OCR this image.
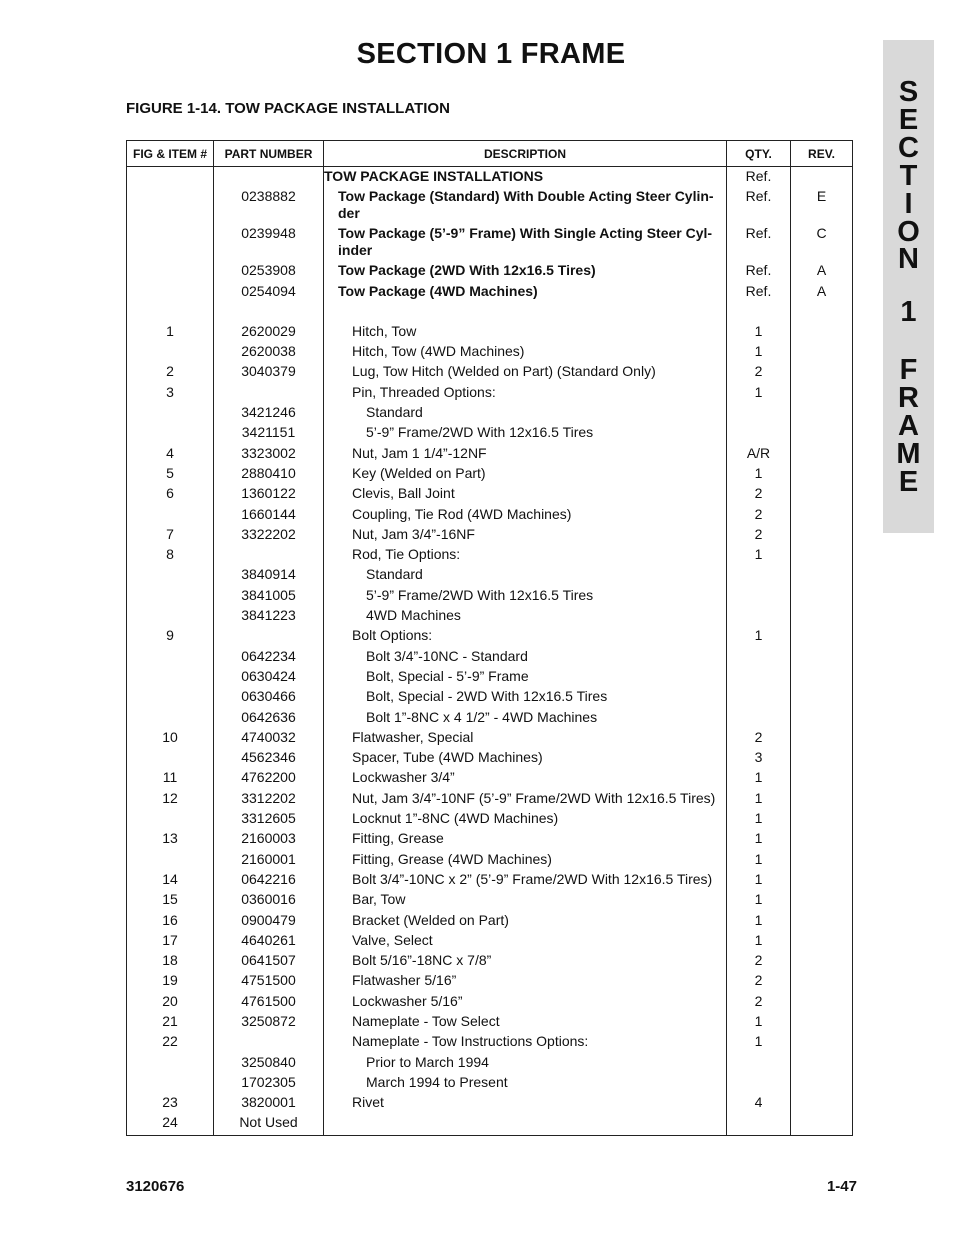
SECTION 1 FRAME
FIGURE 1-14. TOW PACKAGE INSTALLATION
S
E
C
T
I
O
N
1
F
R
A
M
E
FIG & ITEM #	PART NUMBER	DESCRIPTION	QTY.	REV.

		TOW PACKAGE INSTALLATIONS	Ref.	
	0238882	Tow Package (Standard) With Double Acting Steer Cylin-
der	Ref.	E
	0239948	Tow Package (5’-9” Frame) With Single Acting Steer Cyl-
inder	Ref.	C
	0253908	Tow Package (2WD With 12x16.5 Tires)	Ref.	A
	0254094	Tow Package (4WD Machines)	Ref.	A

1	2620029	Hitch, Tow	1	
	2620038	Hitch, Tow (4WD Machines)	1	
2	3040379	Lug, Tow Hitch (Welded on Part) (Standard Only)	2	
3		Pin, Threaded Options:	1	
	3421246	Standard		

	3421151	5’-9” Frame/2WD With 12x16.5 Tires		

4	3323002	Nut, Jam 1 1/4”-12NF	A/R	
5	2880410	Key (Welded on Part)	1	
6	1360122	Clevis, Ball Joint	2	
	1660144	Coupling, Tie Rod (4WD Machines)	2	
7	3322202	Nut, Jam 3/4”-16NF	2	
8		Rod, Tie Options:	1	
	3840914	Standard		

	3841005	5’-9” Frame/2WD With 12x16.5 Tires		

	3841223	4WD Machines		

9		Bolt Options:	1	
	0642234	Bolt 3/4”-10NC - Standard		

	0630424	Bolt, Special - 5’-9” Frame		

	0630466	Bolt, Special - 2WD With 12x16.5 Tires		

	0642636	Bolt 1”-8NC x 4 1/2” - 4WD Machines		

10	4740032	Flatwasher, Special	2	
	4562346	Spacer, Tube (4WD Machines)	3	
11	4762200	Lockwasher 3/4”	1	
12	3312202	Nut, Jam 3/4”-10NF (5’-9” Frame/2WD With 12x16.5 Tires)	1	
	3312605	Locknut 1”-8NC (4WD Machines)	1	
13	2160003	Fitting, Grease	1	
	2160001	Fitting, Grease (4WD Machines)	1	
14	0642216	Bolt 3/4”-10NC x 2” (5’-9” Frame/2WD With 12x16.5 Tires)	1	
15	0360016	Bar, Tow	1	
16	0900479	Bracket (Welded on Part)	1	
17	4640261	Valve, Select	1	
18	0641507	Bolt 5/16”-18NC x 7/8”	2	
19	4751500	Flatwasher 5/16”	2	
20	4761500	Lockwasher 5/16”	2	
21	3250872	Nameplate - Tow Select	1	
22		Nameplate - Tow Instructions Options:	1	
	3250840	Prior to March 1994		

	1702305	March 1994 to Present		

23	3820001	Rivet	4	
24	Not Used	

3120676	1-47
